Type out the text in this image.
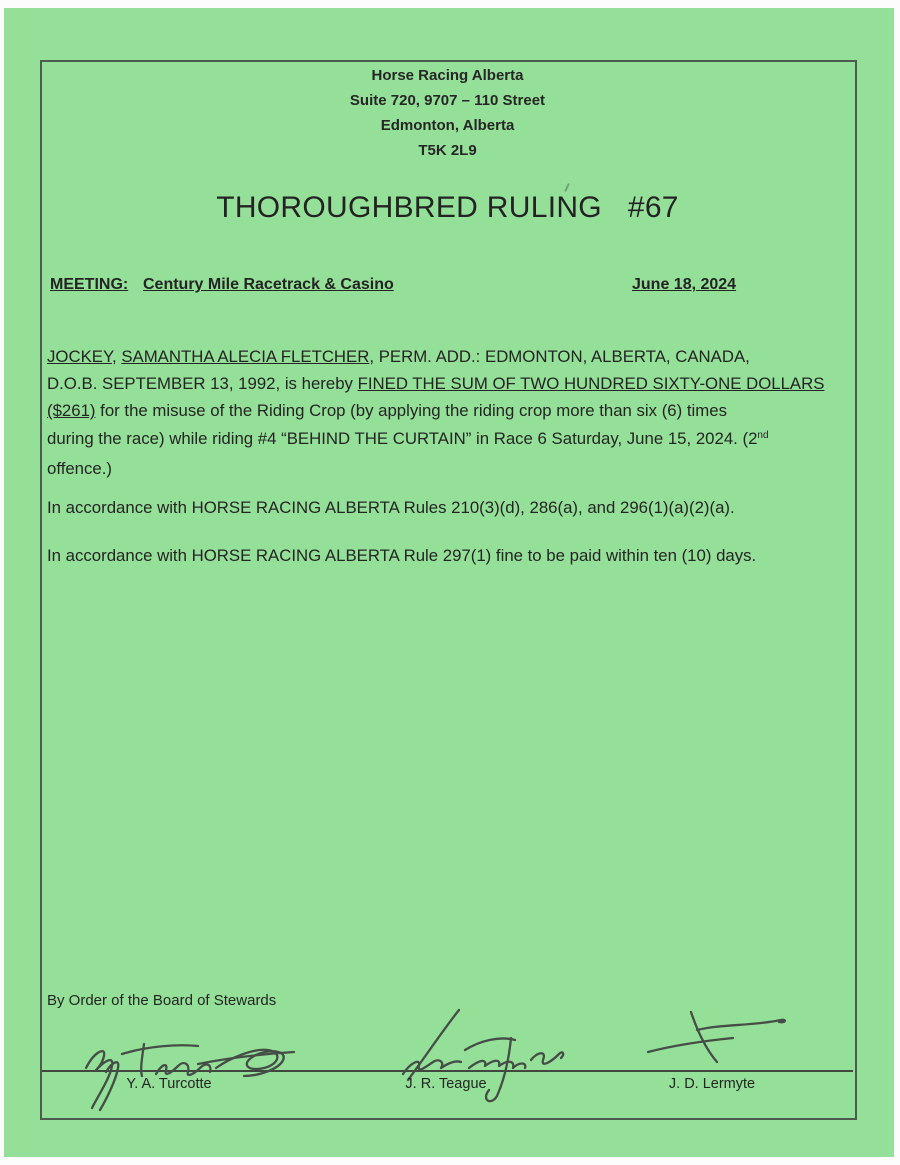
Horse Racing Alberta
Suite 720, 9707 – 110 Street
Edmonton, Alberta
T5K 2L9
THOROUGHBRED RULING   #67
MEETING: Century Mile Racetrack & Casino	June 18, 2024
JOCKEY, SAMANTHA ALECIA FLETCHER, PERM. ADD.: EDMONTON, ALBERTA, CANADA,
D.O.B. SEPTEMBER 13, 1992, is hereby FINED THE SUM OF TWO HUNDRED SIXTY-ONE DOLLARS
($261) for the misuse of the Riding Crop (by applying the riding crop more than six (6) times
during the race) while riding #4 “BEHIND THE CURTAIN” in Race 6 Saturday, June 15, 2024. (2nd
offence.)
In accordance with HORSE RACING ALBERTA Rules 210(3)(d), 286(a), and 296(1)(a)(2)(a).
In accordance with HORSE RACING ALBERTA Rule 297(1) fine to be paid within ten (10) days.
By Order of the Board of Stewards
Y. A. Turcotte	J. R. Teague	J. D. Lermyte
